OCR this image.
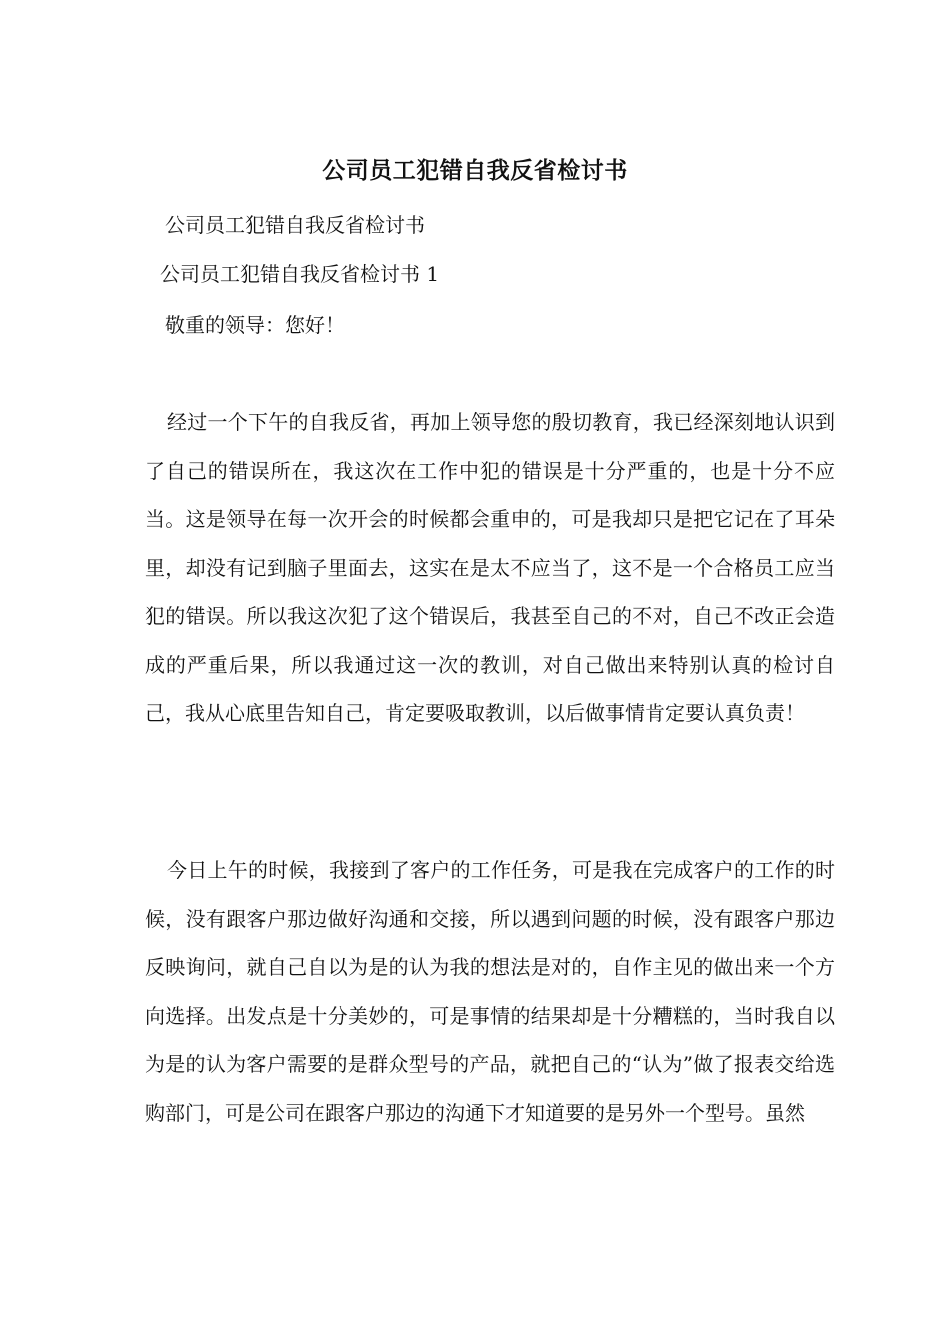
公司员工犯错自我反省检讨书
公司员工犯错自我反省检讨书
公司员工犯错自我反省检讨书 1
敬重的领导：您好！

经过一个下午的自我反省，再加上领导您的殷切教育，我已经深刻地认识到了自己的错误所在，我这次在工作中犯的错误是十分严重的，也是十分不应当。这是领导在每一次开会的时候都会重申的，可是我却只是把它记在了耳朵里，却没有记到脑子里面去，这实在是太不应当了，这不是一个合格员工应当犯的错误。所以我这次犯了这个错误后，我甚至自己的不对，自己不改正会造成的严重后果，所以我通过这一次的教训，对自己做出来特别认真的检讨自己，我从心底里告知自己，肯定要吸取教训，以后做事情肯定要认真负责！

今日上午的时候，我接到了客户的工作任务，可是我在完成客户的工作的时候，没有跟客户那边做好沟通和交接，所以遇到问题的时候，没有跟客户那边反映询问，就自己自以为是的认为我的想法是对的，自作主见的做出来一个方向选择。出发点是十分美妙的，可是事情的结果却是十分糟糕的，当时我自以为是的认为客户需要的是群众型号的产品，就把自己的“认为”做了报表交给选购部门，可是公司在跟客户那边的沟通下才知道要的是另外一个型号。虽然
